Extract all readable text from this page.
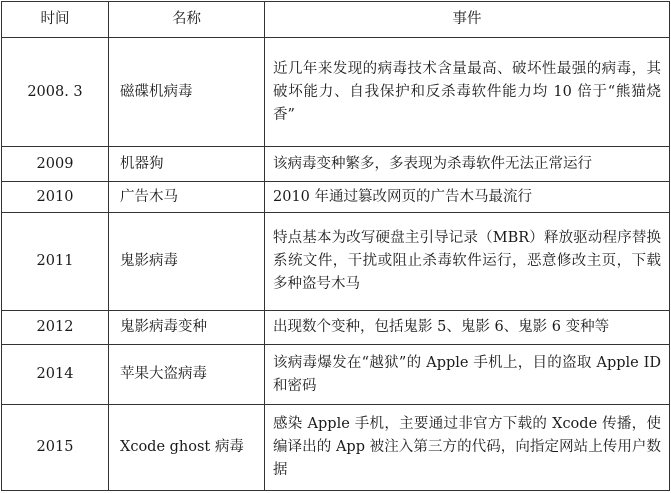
时间	名称	事件
2008. 3	磁碟机病毒	近几年来发现的病毒技术含量最高、破坏性最强的病毒，其破坏能力、自我保护和反杀毒软件能力均 10 倍于“熊猫烧香”
2009	机器狗	该病毒变种繁多，多表现为杀毒软件无法正常运行
2010	广告木马	2010 年通过篡改网页的广告木马最流行
2011	鬼影病毒	特点基本为改写硬盘主引导记录（MBR）释放驱动程序替换系统文件，干扰或阻止杀毒软件运行，恶意修改主页，下载多种盗号木马
2012	鬼影病毒变种	出现数个变种，包括鬼影 5、鬼影 6、鬼影 6 变种等
2014	苹果大盗病毒	该病毒爆发在“越狱”的 Apple 手机上，目的盗取 Apple ID 和密码
2015	Xcode ghost 病毒	感染 Apple 手机，主要通过非官方下载的 Xcode 传播，使编译出的 App 被注入第三方的代码，向指定网站上传用户数据
